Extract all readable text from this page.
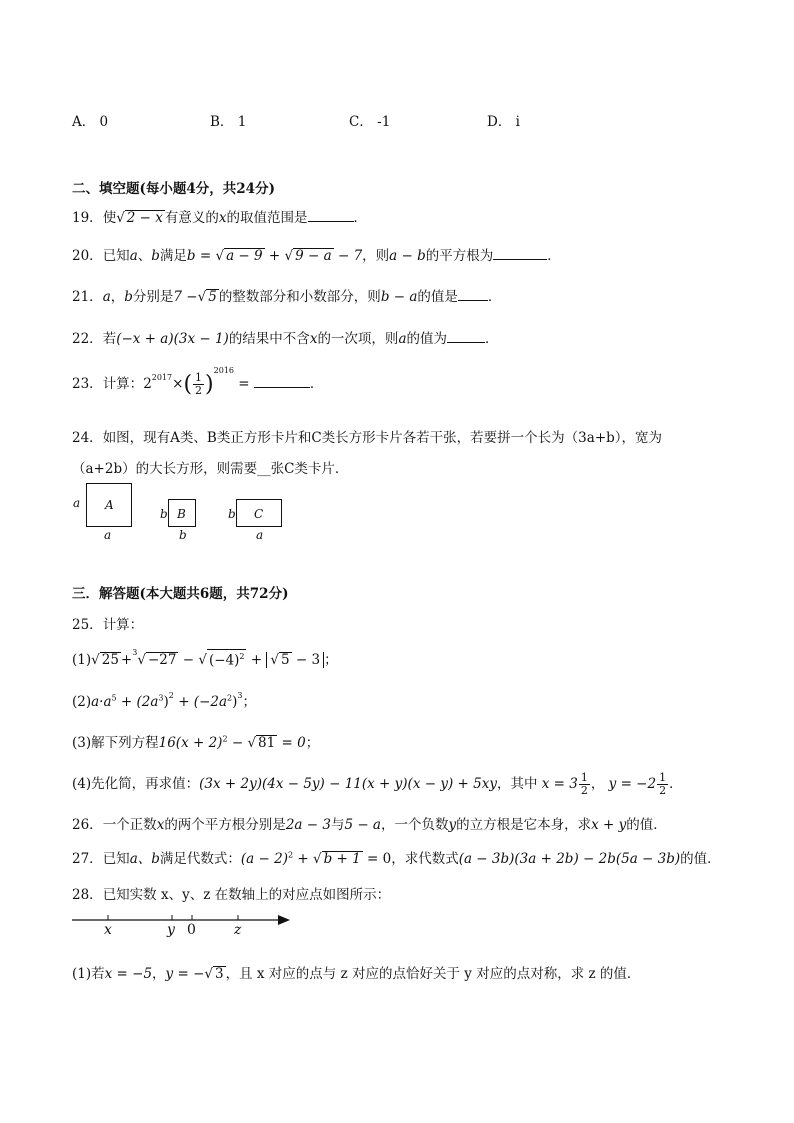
A． 0	B． 1	C． -1	D． i
二、填空题(每小题4分，共24分)
19．使√ 2 − x 有意义的x的取值范围是	．
20．已知a、b满足b = √ a − 9 + √ 9 − a − 7，则a − b的平方根为	．
21．a，b分别是7 −√ 5 的整数部分和小数部分，则b − a的值是 ．
22．若(−x + a)(3x − 1)的结果中不含x的一次项，则a的值为	．
23．计算：$2^{2017}\times( \frac{1}{2} )^{2016}$ =	．
24．如图，现有A类、B类正方形卡片和C类长方形卡片各若干张，若要拼一个长为（3a+b），宽为
（a+2b）的大长方形，则需要__张C类卡片．
a A
a
b B
b
b C
a
三．解答题(本大题共6题，共72分)
25．计算：
(1)√ 25 +$^3$√ −27 − √ $(-4)^2$ + √ 5 − 3 ；
$(2)a\cdot a^5 + (2a^3)^2 + (-2a^2)^3$；
(3)解下列方程$16(x + 2)^2$ − √ 81 = 0；
(4)先化简，再求值：(3x + 2y)(4x − 5y) − 11(x + y)(x − y) + 5xy，其中 $x = 3 \frac{1}{2}$ ， $y = -2 \frac{1}{2}$ ．
26．一个正数x的两个平方根分别是2a − 3与5 − a，一个负数y的立方根是它本身，求x + y的值．
27．已知a、b满足代数式：$(a - 2)^2$ + √ b + 1 = 0，求代数式(a − 3b)(3a + 2b) − 2b(5a − 3b)的值．
28．已知实数 x、y、z 在数轴上的对应点如图所示：
x	y 0	z
(1)若x = −5，y = −√ 3 ，且 x 对应的点与 z 对应的点恰好关于 y 对应的点对称，求 z 的值．
